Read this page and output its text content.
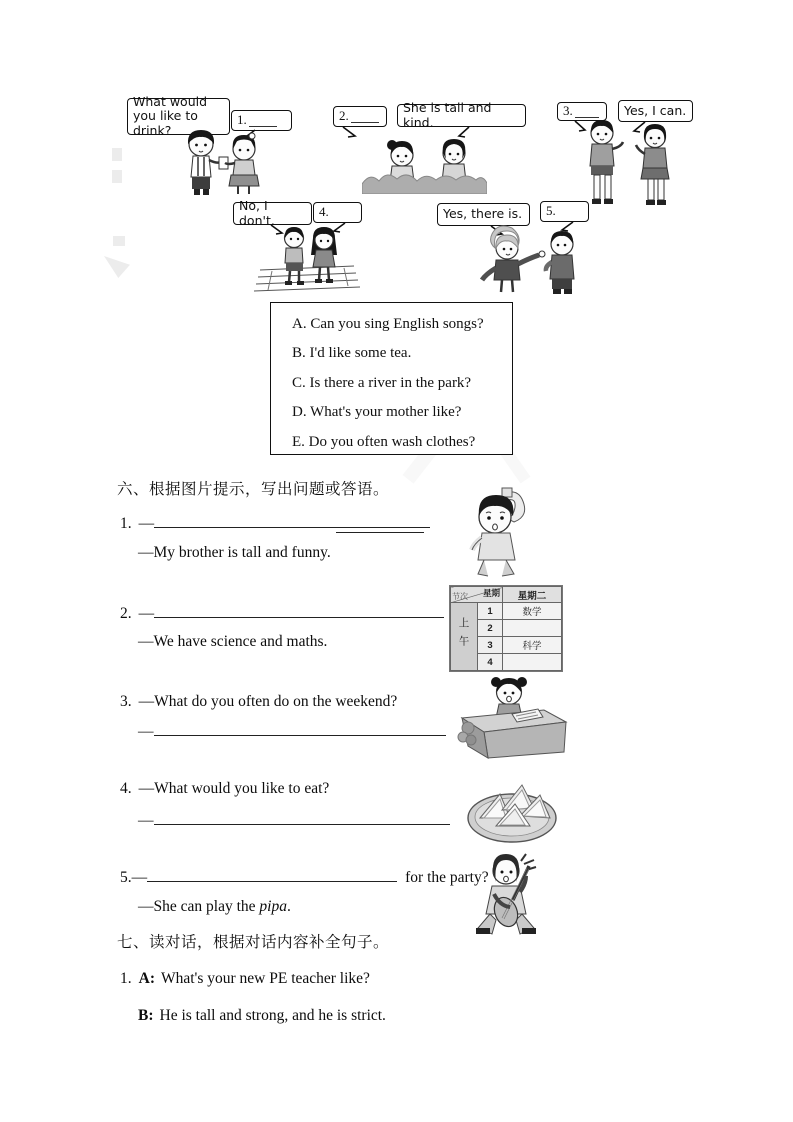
What would you like to drink?
1.	2.
She is tall and kind.
3.	Yes, I can.
No, I don't.
4.	Yes, there is. 5.
A. Can you sing English songs?
B. I'd like some tea.
C. Is there a river in the park?
D. What's your mother like?
E. Do you often wash clothes?
六、根据图片提示，写出问题或答语。
1. —
—My brother is tall and funny.
2. —
—We have science and maths.
星期
节次		星期二
上午	1	数学
	2	
	3	科学
	4	
3. —What do you often do on the weekend?
—
4. —What would you like to eat?
—
5.—	for the party?
—She can play the pipa.
七、读对话，根据对话内容补全句子。
1. A: What's your new PE teacher like?
B: He is tall and strong, and he is strict.
